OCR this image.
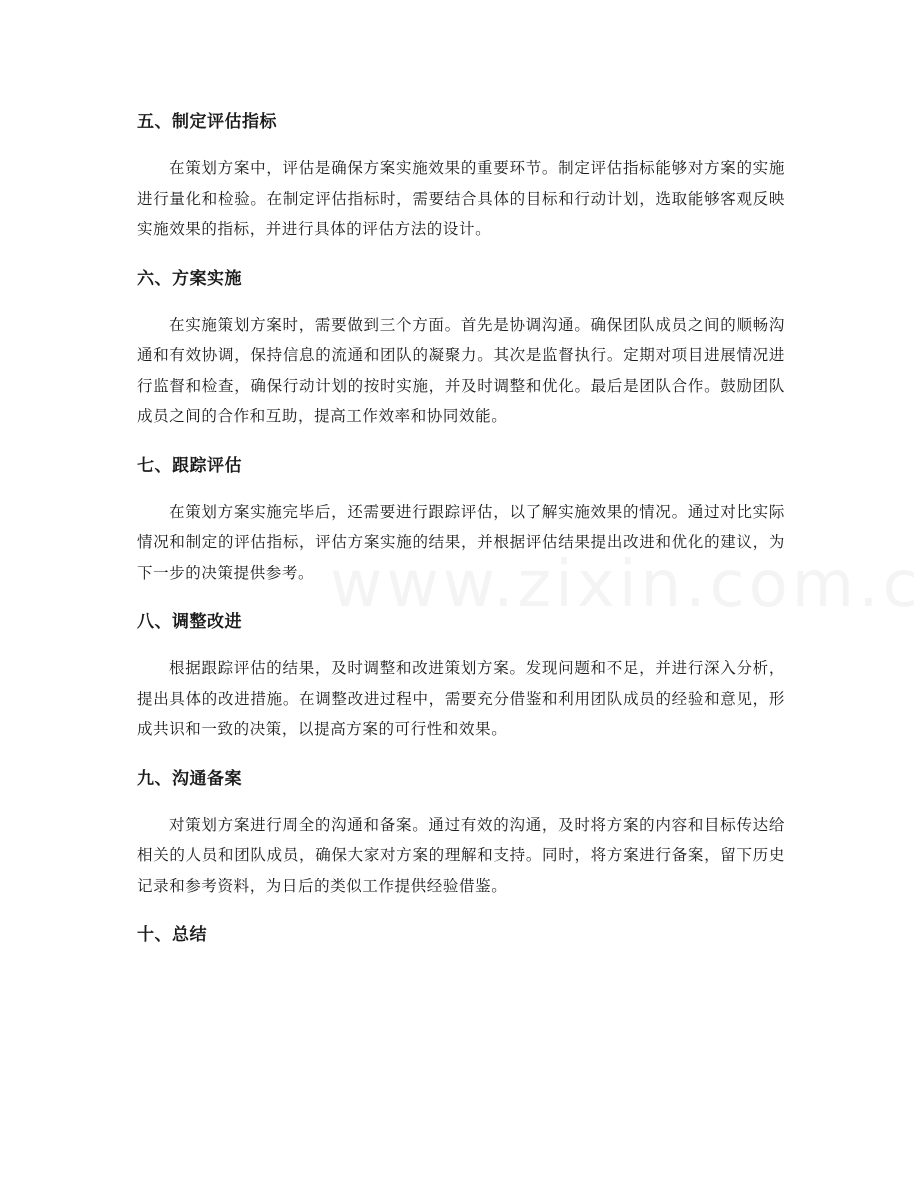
五、制定评估指标

在策划方案中，评估是确保方案实施效果的重要环节。制定评估指标能够对方案的实施进行量化和检验。在制定评估指标时，需要结合具体的目标和行动计划，选取能够客观反映实施效果的指标，并进行具体的评估方法的设计。

六、方案实施

在实施策划方案时，需要做到三个方面。首先是协调沟通。确保团队成员之间的顺畅沟通和有效协调，保持信息的流通和团队的凝聚力。其次是监督执行。定期对项目进展情况进行监督和检查，确保行动计划的按时实施，并及时调整和优化。最后是团队合作。鼓励团队成员之间的合作和互助，提高工作效率和协同效能。

七、跟踪评估

在策划方案实施完毕后，还需要进行跟踪评估，以了解实施效果的情况。通过对比实际情况和制定的评估指标，评估方案实施的结果，并根据评估结果提出改进和优化的建议，为下一步的决策提供参考。

八、调整改进

根据跟踪评估的结果，及时调整和改进策划方案。发现问题和不足，并进行深入分析，提出具体的改进措施。在调整改进过程中，需要充分借鉴和利用团队成员的经验和意见，形成共识和一致的决策，以提高方案的可行性和效果。

九、沟通备案

对策划方案进行周全的沟通和备案。通过有效的沟通，及时将方案的内容和目标传达给相关的人员和团队成员，确保大家对方案的理解和支持。同时，将方案进行备案，留下历史记录和参考资料，为日后的类似工作提供经验借鉴。

十、总结
